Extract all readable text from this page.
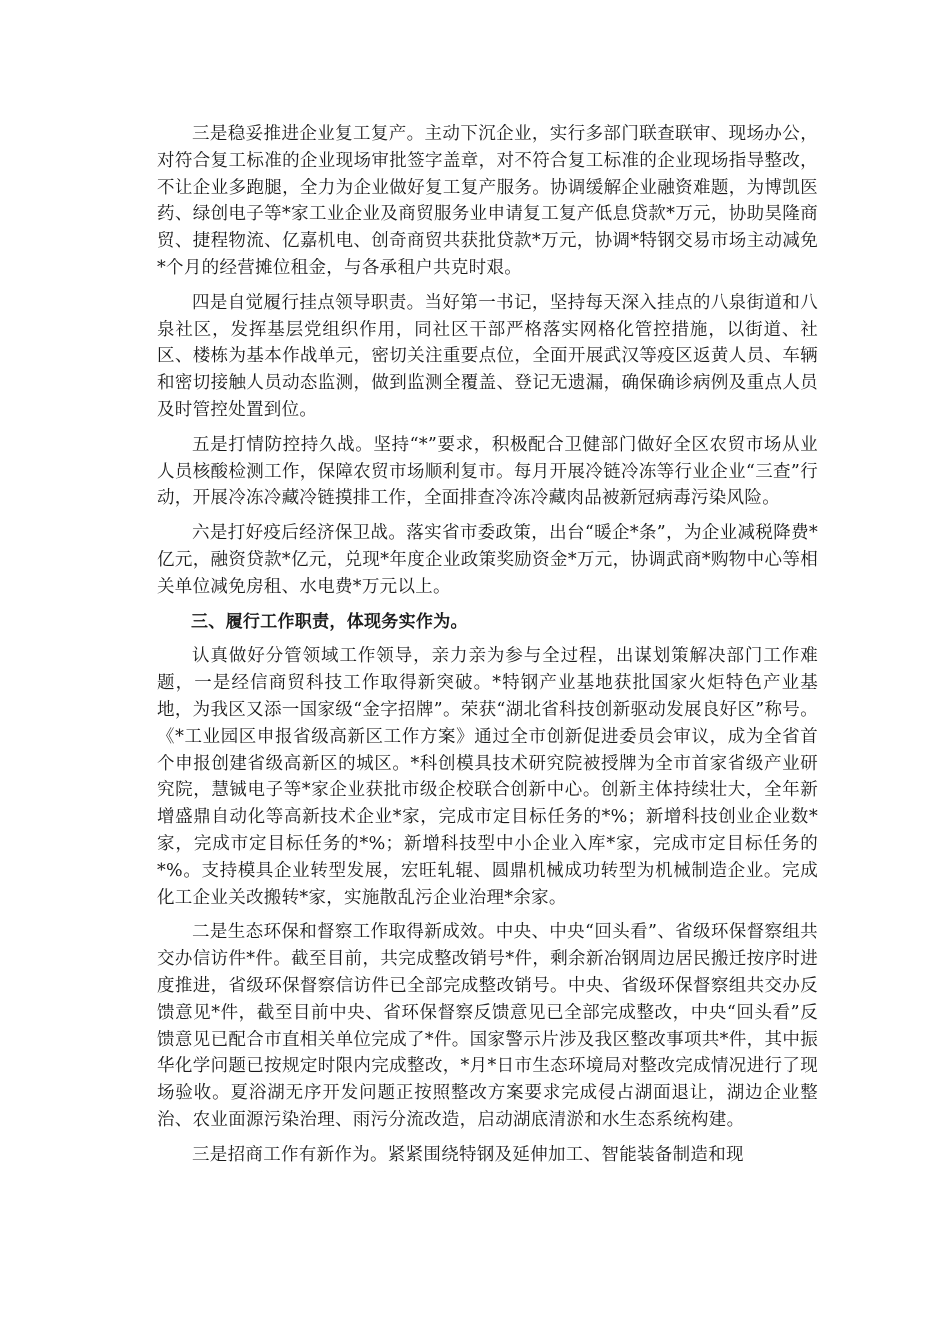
三是稳妥推进企业复工复产。主动下沉企业，实行多部门联查联审、现场办公，对符合复工标准的企业现场审批签字盖章，对不符合复工标准的企业现场指导整改，不让企业多跑腿，全力为企业做好复工复产服务。协调缓解企业融资难题，为博凯医药、绿创电子等*家工业企业及商贸服务业申请复工复产低息贷款*万元，协助昊隆商贸、捷程物流、亿嘉机电、创奇商贸共获批贷款*万元，协调*特钢交易市场主动减免*个月的经营摊位租金，与各承租户共克时艰。

四是自觉履行挂点领导职责。当好第一书记，坚持每天深入挂点的八泉街道和八泉社区，发挥基层党组织作用，同社区干部严格落实网格化管控措施，以街道、社区、楼栋为基本作战单元，密切关注重要点位，全面开展武汉等疫区返黄人员、车辆和密切接触人员动态监测，做到监测全覆盖、登记无遗漏，确保确诊病例及重点人员及时管控处置到位。

五是打情防控持久战。坚持“*”要求，积极配合卫健部门做好全区农贸市场从业人员核酸检测工作，保障农贸市场顺利复市。每月开展冷链冷冻等行业企业“三查”行动，开展冷冻冷藏冷链摸排工作，全面排查冷冻冷藏肉品被新冠病毒污染风险。

六是打好疫后经济保卫战。落实省市委政策，出台“暖企*条”，为企业减税降费*亿元，融资贷款*亿元，兑现*年度企业政策奖励资金*万元，协调武商*购物中心等相关单位减免房租、水电费*万元以上。

三、履行工作职责，体现务实作为。

认真做好分管领域工作领导，亲力亲为参与全过程，出谋划策解决部门工作难题，一是经信商贸科技工作取得新突破。*特钢产业基地获批国家火炬特色产业基地，为我区又添一国家级“金字招牌”。荣获“湖北省科技创新驱动发展良好区”称号。《*工业园区申报省级高新区工作方案》通过全市创新促进委员会审议，成为全省首个申报创建省级高新区的城区。*科创模具技术研究院被授牌为全市首家省级产业研究院，慧铖电子等*家企业获批市级企校联合创新中心。创新主体持续壮大，全年新增盛鼎自动化等高新技术企业*家，完成市定目标任务的*%；新增科技创业企业数*家，完成市定目标任务的*%；新增科技型中小企业入库*家，完成市定目标任务的*%。支持模具企业转型发展，宏旺轧辊、圆鼎机械成功转型为机械制造企业。完成化工企业关改搬转*家，实施散乱污企业治理*余家。

二是生态环保和督察工作取得新成效。中央、中央“回头看”、省级环保督察组共交办信访件*件。截至目前，共完成整改销号*件，剩余新冶钢周边居民搬迁按序时进度推进，省级环保督察信访件已全部完成整改销号。中央、省级环保督察组共交办反馈意见*件，截至目前中央、省环保督察反馈意见已全部完成整改，中央“回头看”反馈意见已配合市直相关单位完成了*件。国家警示片涉及我区整改事项共*件，其中振华化学问题已按规定时限内完成整改，*月*日市生态环境局对整改完成情况进行了现场验收。夏浴湖无序开发问题正按照整改方案要求完成侵占湖面退让，湖边企业整治、农业面源污染治理、雨污分流改造，启动湖底清淤和水生态系统构建。

三是招商工作有新作为。紧紧围绕特钢及延伸加工、智能装备制造和现
